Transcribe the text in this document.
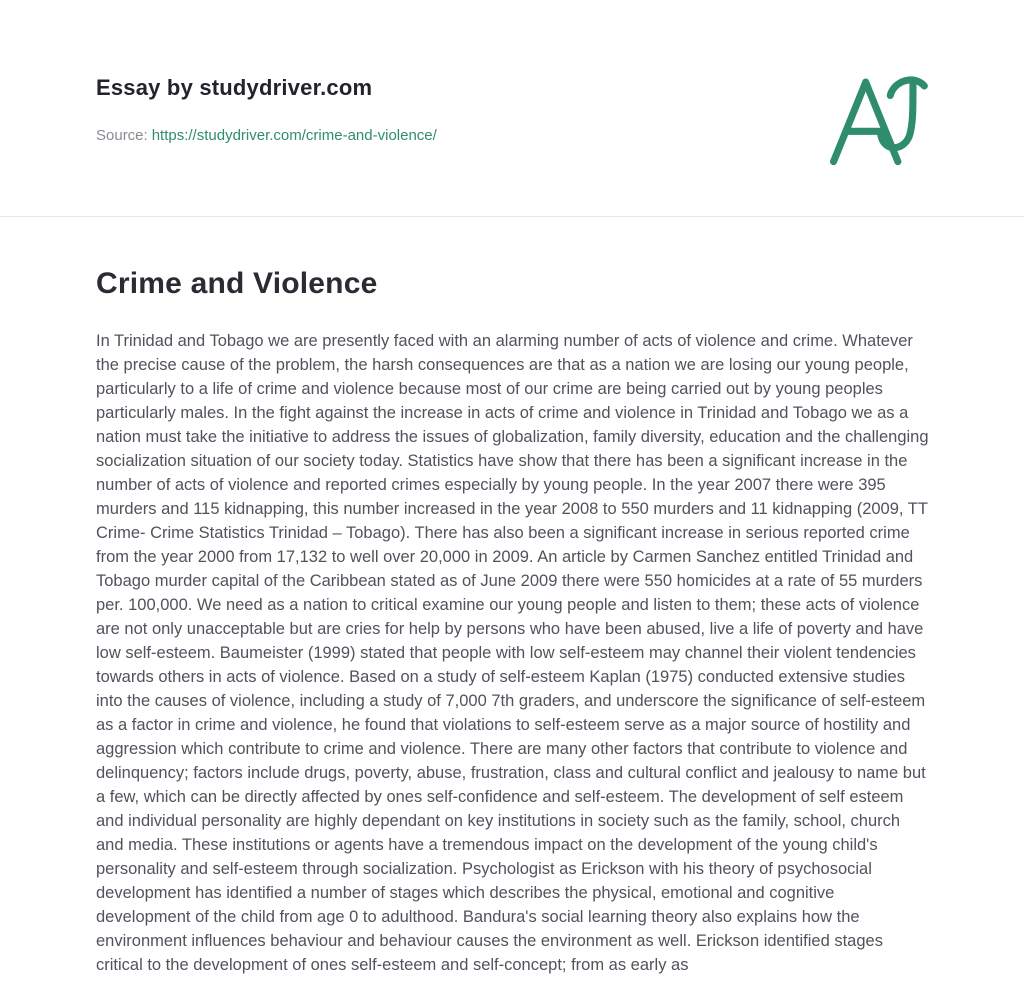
Essay by studydriver.com
Source: https://studydriver.com/crime-and-violence/
Crime and Violence
In Trinidad and Tobago we are presently faced with an alarming number of acts of violence and crime. Whatever the precise cause of the problem, the harsh consequences are that as a nation we are losing our young people, particularly to a life of crime and violence because most of our crime are being carried out by young peoples particularly males. In the fight against the increase in acts of crime and violence in Trinidad and Tobago we as a nation must take the initiative to address the issues of globalization, family diversity, education and the challenging socialization situation of our society today. Statistics have show that there has been a significant increase in the number of acts of violence and reported crimes especially by young people. In the year 2007 there were 395 murders and 115 kidnapping, this number increased in the year 2008 to 550 murders and 11 kidnapping (2009, TT Crime- Crime Statistics Trinidad – Tobago). There has also been a significant increase in serious reported crime from the year 2000 from 17,132 to well over 20,000 in 2009. An article by Carmen Sanchez entitled Trinidad and Tobago murder capital of the Caribbean stated as of June 2009 there were 550 homicides at a rate of 55 murders per. 100,000. We need as a nation to critical examine our young people and listen to them; these acts of violence are not only unacceptable but are cries for help by persons who have been abused, live a life of poverty and have low self-esteem. Baumeister (1999) stated that people with low self-esteem may channel their violent tendencies towards others in acts of violence. Based on a study of self-esteem Kaplan (1975) conducted extensive studies into the causes of violence, including a study of 7,000 7th graders, and underscore the significance of self-esteem as a factor in crime and violence, he found that violations to self-esteem serve as a major source of hostility and aggression which contribute to crime and violence. There are many other factors that contribute to violence and delinquency; factors include drugs, poverty, abuse, frustration, class and cultural conflict and jealousy to name but a few, which can be directly affected by ones self-confidence and self-esteem. The development of self esteem and individual personality are highly dependant on key institutions in society such as the family, school, church and media. These institutions or agents have a tremendous impact on the development of the young child's personality and self-esteem through socialization. Psychologist as Erickson with his theory of psychosocial development has identified a number of stages which describes the physical, emotional and cognitive development of the child from age 0 to adulthood. Bandura's social learning theory also explains how the environment influences behaviour and behaviour causes the environment as well. Erickson identified stages critical to the development of ones self-esteem and self-concept; from as early as
